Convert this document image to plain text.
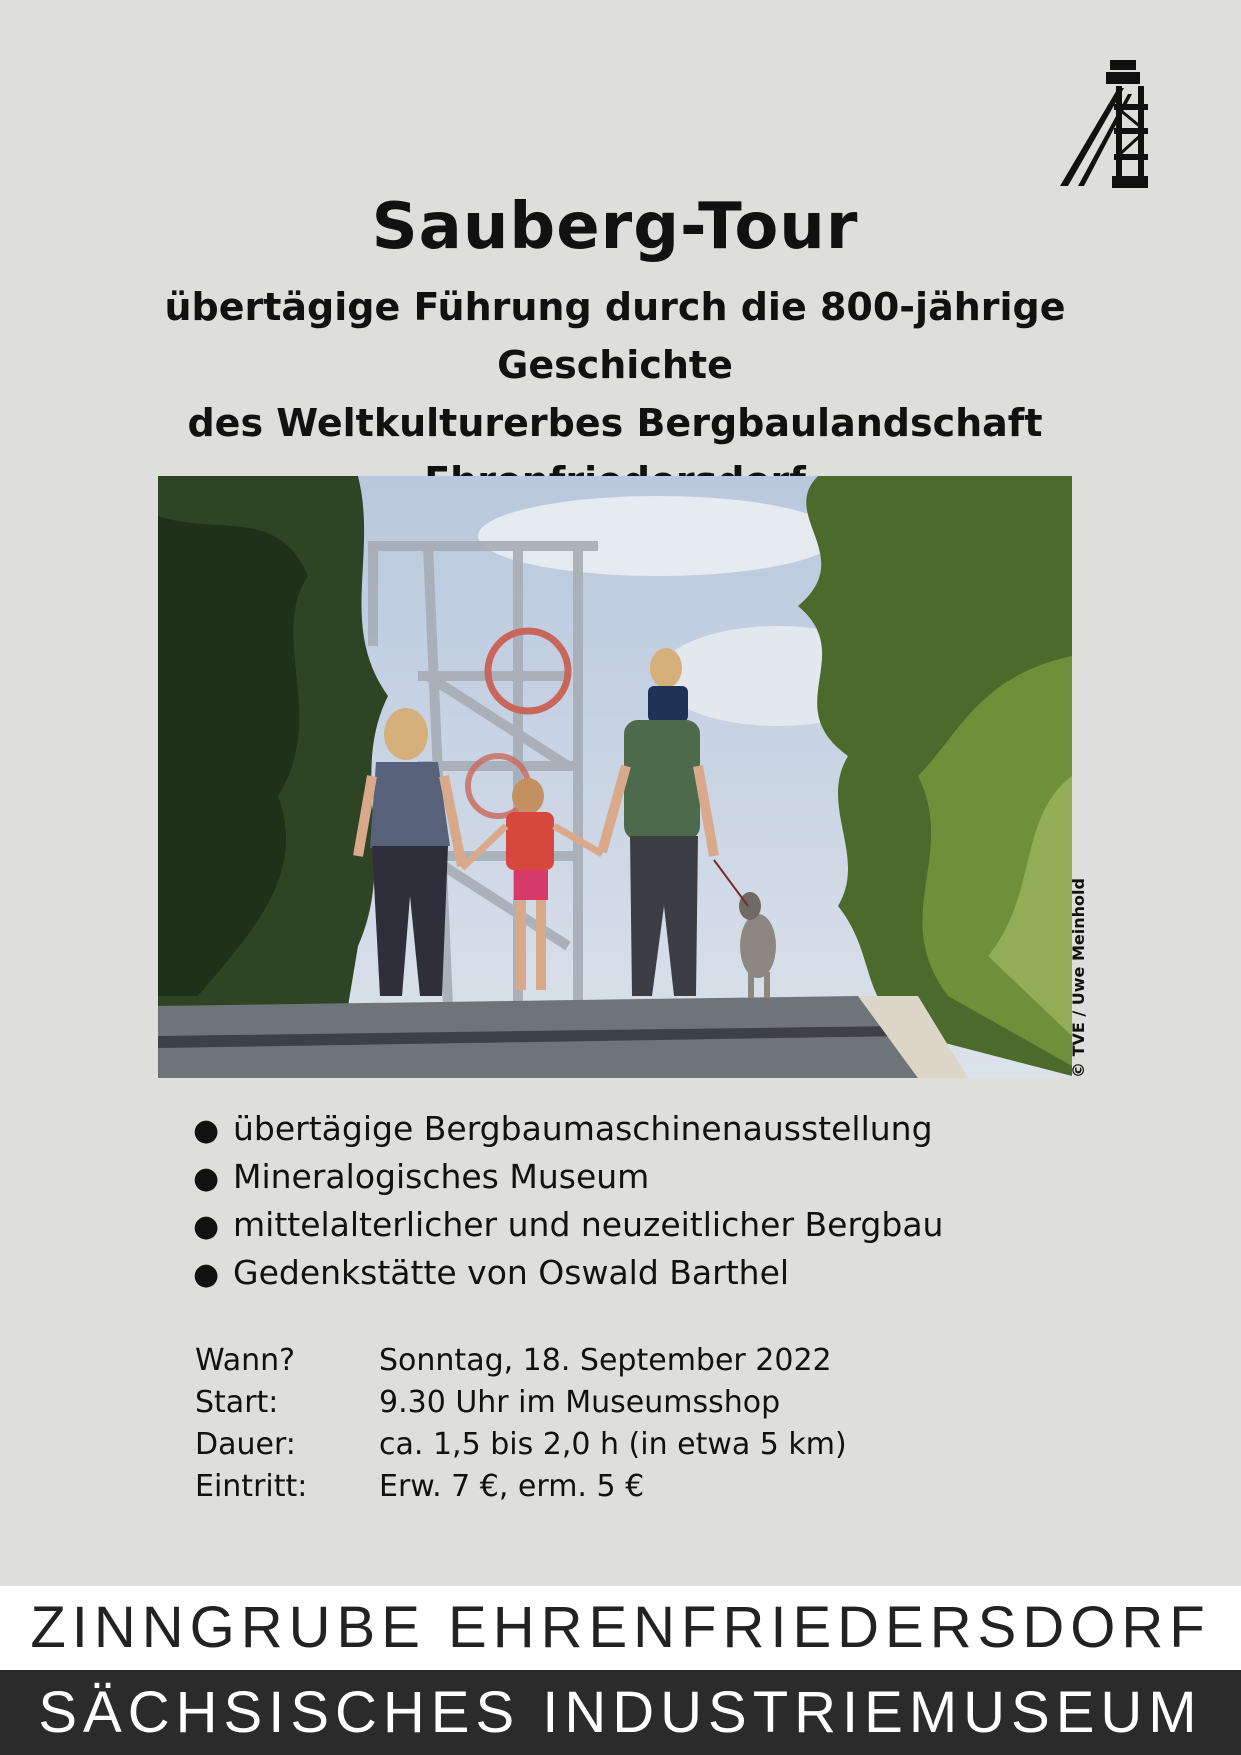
Sauberg-Tour
übertägige Führung durch die 800-jährige Geschichte
des Weltkulturerbes Bergbaulandschaft
© TVE / Uwe Meinhold
● übertägige Bergbaumaschinenausstellung
● Mineralogisches Museum
● mittelalterlicher und neuzeitlicher Bergbau
● Gedenkstätte von Oswald Barthel
Wann?	Sonntag, 18. September 2022
Start:	9.30 Uhr im Museumsshop
Dauer:	ca. 1,5 bis 2,0 h (in etwa 5 km)
Eintritt:	Erw. 7 €, erm. 5 €
ZINNGRUBE EHRENFRIEDERSDORF
SÄCHSISCHES INDUSTRIEMUSEUM
